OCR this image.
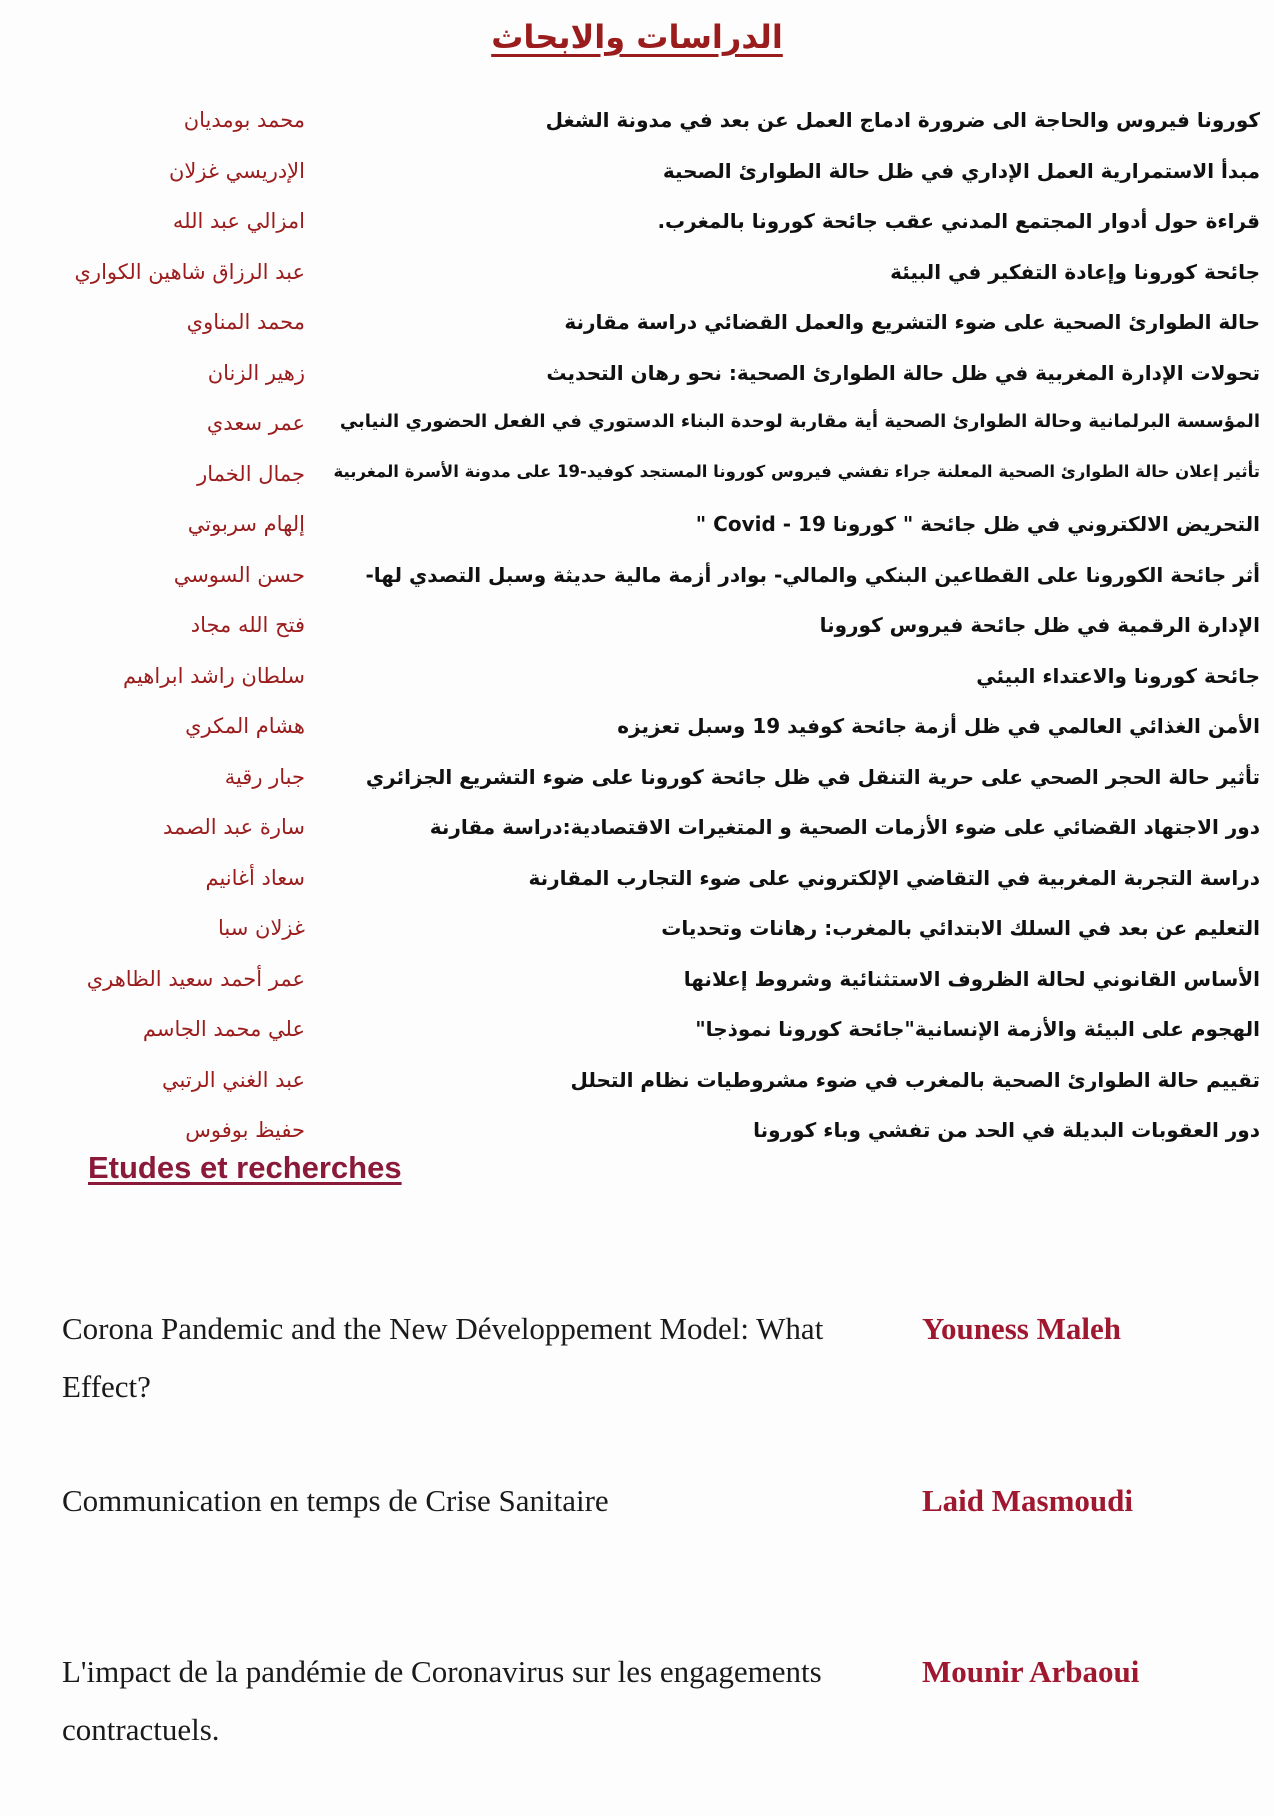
الدراسات والابحاث
كورونا فيروس والحاجة الى ضرورة ادماج العمل عن بعد في مدونة الشغل
محمد بومديان
مبدأ الاستمرارية العمل الإداري في ظل حالة الطوارئ الصحية
الإدريسي غزلان
قراءة حول أدوار المجتمع المدني عقب جائحة كورونا بالمغرب.
امزالي عبد الله
جائحة كورونا وإعادة التفكير في البيئة
عبد الرزاق شاهين الكواري
حالة الطوارئ الصحية على ضوء التشريع والعمل القضائي دراسة مقارنة
محمد المناوي
تحولات الإدارة المغربية في ظل حالة الطوارئ الصحية: نحو رهان التحديث
زهير الزنان
المؤسسة البرلمانية وحالة الطوارئ الصحية أية مقاربة لوحدة البناء الدستوري في الفعل الحضوري النيابي
عمر سعدي
تأثير إعلان حالة الطوارئ الصحية المعلنة جراء تفشي فيروس كورونا المستجد كوفيد-19 على مدونة الأسرة المغربية
جمال الخمار
التحريض الالكتروني في ظل جائحة " كورونا Covid - 19 "
إلهام سربوتي
أثر جائحة الكورونا على القطاعين البنكي والمالي- بوادر أزمة مالية حديثة وسبل التصدي لها-
حسن السوسي
الإدارة الرقمية في ظل جائحة فيروس كورونا
فتح الله مجاد
جائحة كورونا والاعتداء البيئي
سلطان راشد ابراهيم
الأمن الغذائي العالمي في ظل أزمة جائحة كوفيد 19 وسبل تعزيزه
هشام المكري
تأثير حالة الحجر الصحي على حرية التنقل في ظل جائحة كورونا على ضوء التشريع الجزائري
جبار رقية
دور الاجتهاد القضائي على ضوء الأزمات الصحية و المتغيرات الاقتصادية:دراسة مقارنة
سارة عبد الصمد
دراسة التجربة المغربية في التقاضي الإلكتروني على ضوء التجارب المقارنة
سعاد أغانيم
التعليم عن بعد في السلك الابتدائي بالمغرب: رهانات وتحديات
غزلان سبا
الأساس القانوني لحالة الظروف الاستثنائية وشروط إعلانها
عمر أحمد سعيد الظاهري
الهجوم على البيئة والأزمة الإنسانية"جائحة كورونا نموذجا"
علي محمد الجاسم
تقييم حالة الطوارئ الصحية بالمغرب في ضوء مشروطيات نظام التحلل
عبد الغني الرتبي
دور العقوبات البديلة في الحد من تفشي وباء كورونا
حفيظ بوفوس
Etudes et recherches
Corona Pandemic and the New Développement Model: What Effect?
Youness Maleh
Communication en temps de Crise Sanitaire	Laid Masmoudi
L'impact de la pandémie de Coronavirus sur les engagements contractuels.
Mounir Arbaoui
